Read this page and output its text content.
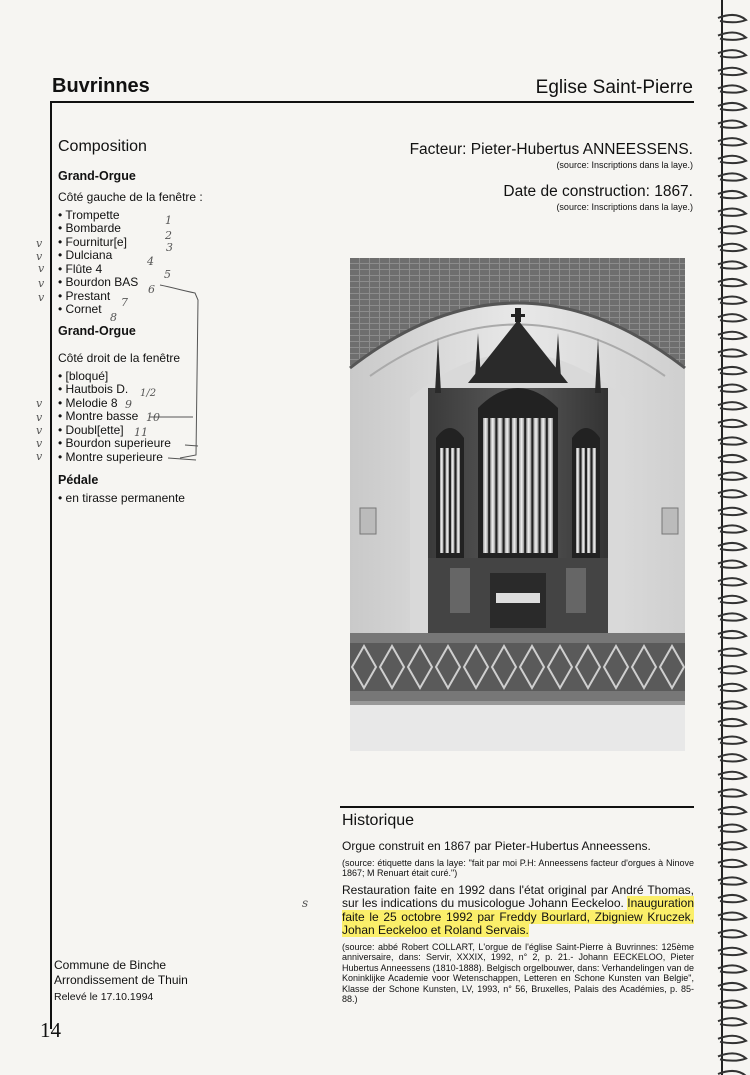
Buvrinnes	Eglise Saint-Pierre
Composition
Grand-Orgue

Côté gauche de la fenêtre :

• Trompette
• Bombarde
• Fournitur[e]
• Dulciana
• Flûte 4
• Bourdon BAS
• Prestant
• Cornet
Grand-Orgue

Côté droit de la fenêtre

• [bloqué]
• Hautbois D.
• Melodie 8
• Montre basse
• Doubl[ette]
• Bourdon superieure
• Montre superieure
Pédale
• en tirasse permanente
v
v
v
v
v
v
v
v
v
v
1
2
3
4
5
6
7
8
1/2
9
10
11
s

Facteur: Pieter-Hubertus ANNEESSENS.

(source: Inscriptions dans la laye.)

Date de construction: 1867.

(source: Inscriptions dans la laye.)

Historique

Orgue construit en 1867 par Pieter-Hubertus Anneessens.

(source: étiquette dans la laye: "fait par moi P.H: Anneessens facteur d'orgues à Ninove 1867; M Renuart était curé.")

Restauration faite en 1992 dans l'état original par André Thomas, sur les indications du musicologue Johann Eeckeloo. Inauguration faite le 25 octobre 1992 par Freddy Bourlard, Zbigniew Kruczek, Johan Eeckeloo et Roland Servais.

(source: abbé Robert COLLART, L'orgue de l'église Saint-Pierre à Buvrinnes: 125ème anniversaire, dans: Servir, XXXIX, 1992, n° 2, p. 21.- Johann EECKELOO, Pieter Hubertus Anneessens (1810-1888). Belgisch orgelbouwer, dans: Verhandelingen van de Koninklijke Academie voor Wetenschappen, Letteren en Schone Kunsten van Belgie", Klasse der Schone Kunsten, LV, 1993, n° 56, Bruxelles, Palais des Académies, p. 85-88.)

Commune de Binche
Arrondissement de Thuin
Relevé le 17.10.1994
14
